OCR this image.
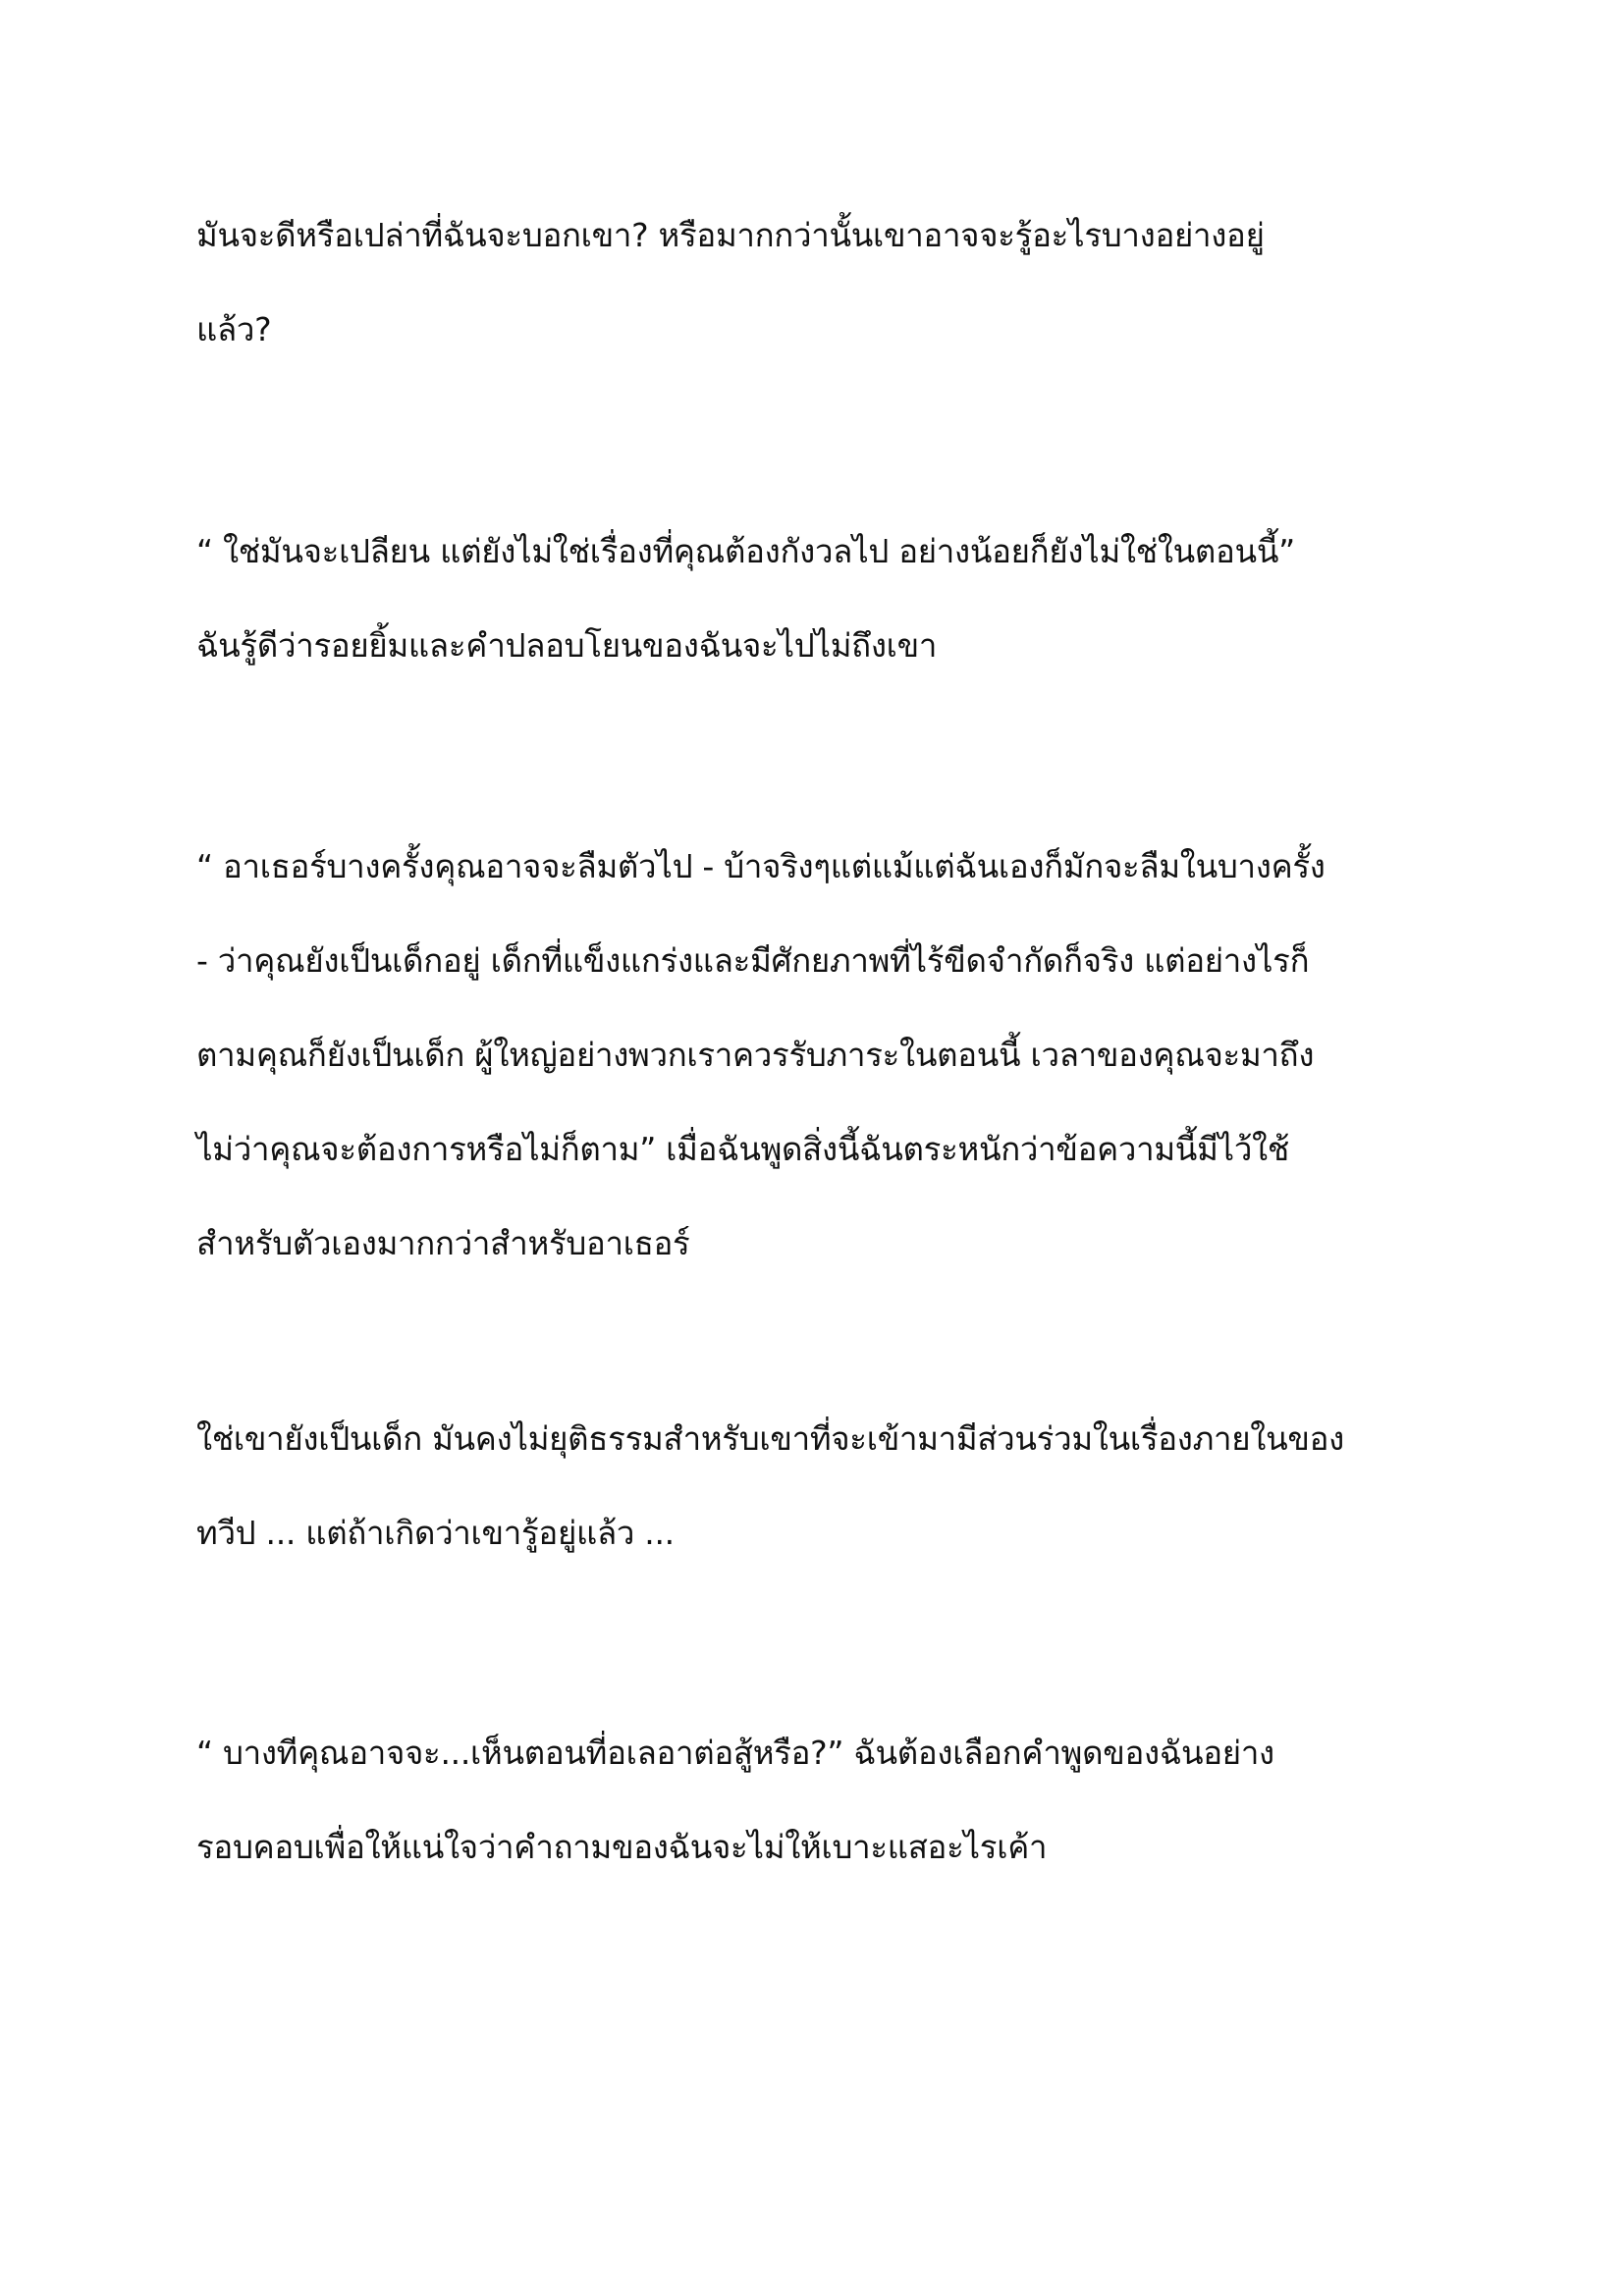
มันจะดีหรือเปล่าที่ฉันจะบอกเขา? หรือมากกว่านั้นเขาอาจจะรู้อะไรบางอย่างอยู่
แล้ว?
“ ใช่มันจะเปลียน แต่ยังไม่ใช่เรื่องที่คุณต้องกังวลไป อย่างน้อยก็ยังไม่ใช่ในตอนนี้”
ฉันรู้ดีว่ารอยยิ้มและคำปลอบโยนของฉันจะไปไม่ถึงเขา
“ อาเธอร์บางครั้งคุณอาจจะลืมตัวไป - บ้าจริงๆแต่แม้แต่ฉันเองก็มักจะลืมในบางครั้ง
- ว่าคุณยังเป็นเด็กอยู่ เด็กที่แข็งแกร่งและมีศักยภาพที่ไร้ขีดจำกัดก็จริง แต่อย่างไรก็
ตามคุณก็ยังเป็นเด็ก ผู้ใหญ่อย่างพวกเราควรรับภาระในตอนนี้ เวลาของคุณจะมาถึง
ไม่ว่าคุณจะต้องการหรือไม่ก็ตาม” เมื่อฉันพูดสิ่งนี้ฉันตระหนักว่าข้อความนี้มีไว้ใช้
สำหรับตัวเองมากกว่าสำหรับอาเธอร์
ใช่เขายังเป็นเด็ก มันคงไม่ยุติธรรมสำหรับเขาที่จะเข้ามามีส่วนร่วมในเรื่องภายในของ
ทวีป ... แต่ถ้าเกิดว่าเขารู้อยู่แล้ว ...
“ บางทีคุณอาจจะ...เห็นตอนที่อเลอาต่อสู้หรือ?” ฉันต้องเลือกคำพูดของฉันอย่าง
รอบคอบเพื่อให้แน่ใจว่าคำถามของฉันจะไม่ให้เบาะแสอะไรเค้า
